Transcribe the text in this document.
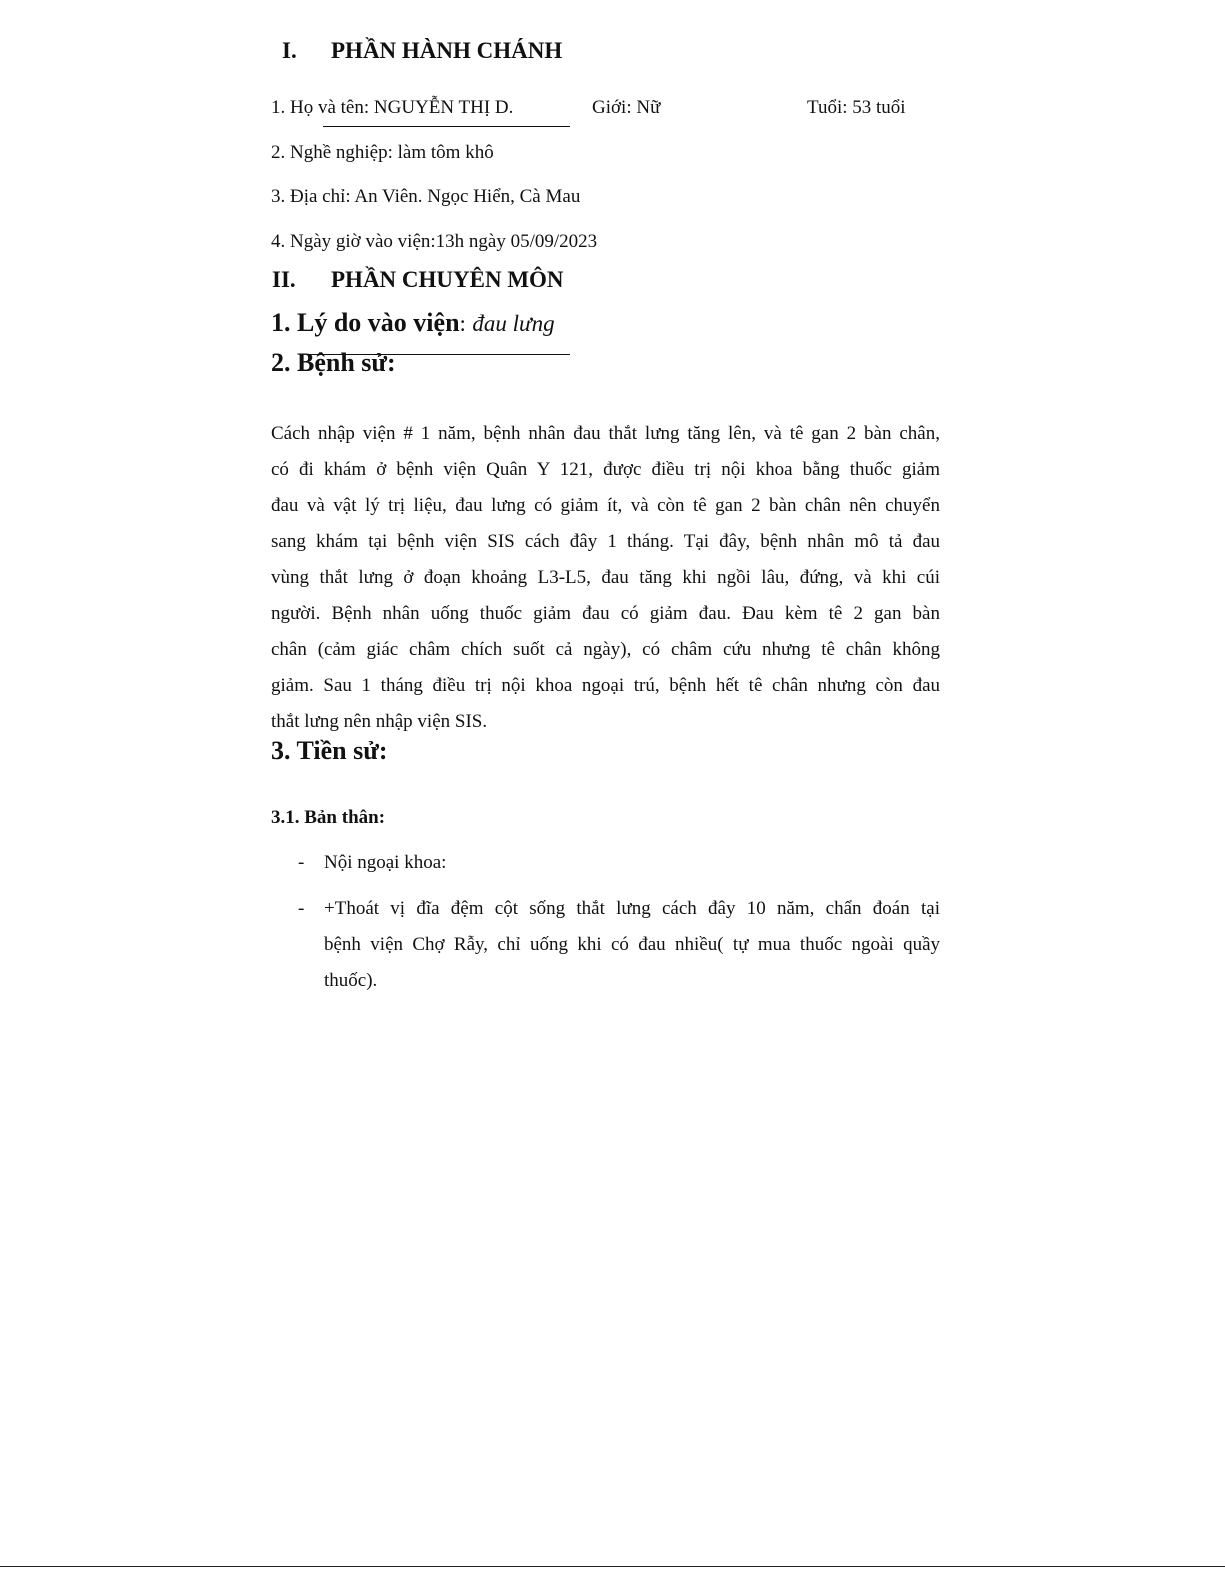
I. PHẦN HÀNH CHÁNH
1. Họ và tên: NGUYỄN THỊ D.	Giới: Nữ	Tuổi: 53 tuổi
2. Nghề nghiệp: làm tôm khô
3. Địa chỉ: An Viên. Ngọc Hiển, Cà Mau
4. Ngày giờ vào viện:13h ngày 05/09/2023
II. PHẦN CHUYÊN MÔN
1. Lý do vào viện: đau lưng
2. Bệnh sử:
Cách nhập viện # 1 năm, bệnh nhân đau thắt lưng tăng lên, và tê gan 2 bàn chân,
có đi khám ở bệnh viện Quân Y 121, được điều trị nội khoa bằng thuốc giảm
đau và vật lý trị liệu, đau lưng có giảm ít, và còn tê gan 2 bàn chân nên chuyển
sang khám tại bệnh viện SIS cách đây 1 tháng. Tại đây, bệnh nhân mô tả đau
vùng thắt lưng ở đoạn khoảng L3-L5, đau tăng khi ngồi lâu, đứng, và khi cúi
người. Bệnh nhân uống thuốc giảm đau có giảm đau. Đau kèm tê 2 gan bàn
chân (cảm giác châm chích suốt cả ngày), có châm cứu nhưng tê chân không
giảm. Sau 1 tháng điều trị nội khoa ngoại trú, bệnh hết tê chân nhưng còn đau
thắt lưng nên nhập viện SIS.
3. Tiền sử:
3.1. Bản thân:
- Nội ngoại khoa:
- +Thoát vị đĩa đệm cột sống thắt lưng cách đây 10 năm, chẩn đoán tại
bệnh viện Chợ Rẫy, chỉ uống khi có đau nhiều( tự mua thuốc ngoài quầy
thuốc).
